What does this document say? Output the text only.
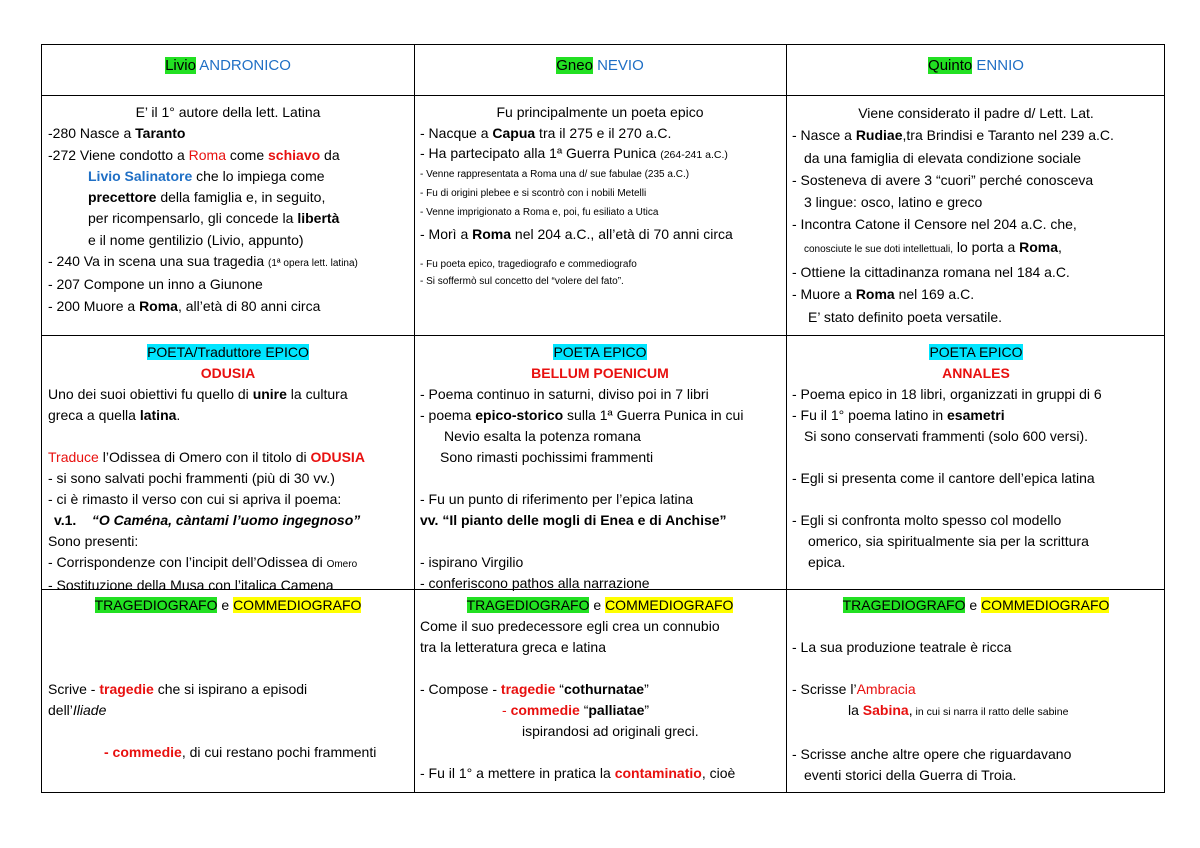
Livio ANDRONICO	Gneo NEVIO	Quinto ENNIO
E’ il 1° autore della lett. Latina
-280 Nasce a Taranto
-272 Viene condotto a Roma come schiavo da
Livio Salinatore che lo impiega come
precettore della famiglia e, in seguito,
per ricompensarlo, gli concede la libertà
e il nome gentilizio (Livio, appunto)
- 240 Va in scena una sua tragedia (1ª opera lett. latina)
- 207 Compone un inno a Giunone
- 200 Muore a Roma, all’età di 80 anni circa
Fu principalmente un poeta epico
- Nacque a Capua tra il 275 e il 270 a.C.
- Ha partecipato alla 1ª Guerra Punica (264-241 a.C.)
- Venne rappresentata a Roma una d/ sue fabulae (235 a.C.)
- Fu di origini plebee e si scontrò con i nobili Metelli
- Venne imprigionato a Roma e, poi, fu esiliato a Utica
- Morì a Roma nel 204 a.C., all’età di 70 anni circa
- Fu poeta epico, tragediografo e commediografo
- Si soffermò sul concetto del “volere del fato”.
Viene considerato il padre d/ Lett. Lat.
- Nasce a Rudiae,tra Brindisi e Taranto nel 239 a.C.
da una famiglia di elevata condizione sociale
- Sosteneva di avere 3 “cuori” perché conosceva
3 lingue: osco, latino e greco
- Incontra Catone il Censore nel 204 a.C. che,
conosciute le sue doti intellettuali, lo porta a Roma,
- Ottiene la cittadinanza romana nel 184 a.C.
- Muore a Roma nel 169 a.C.
E’ stato definito poeta versatile.
POETA/Traduttore EPICO
ODUSIA
Uno dei suoi obiettivi fu quello di unire la cultura
greca a quella latina.
Traduce l’Odissea di Omero con il titolo di ODUSIA
- si sono salvati pochi frammenti (più di 30 vv.)
- ci è rimasto il verso con cui si apriva il poema:
v.1. “O Caména, càntami l’uomo ingegnoso”
Sono presenti:
- Corrispondenze con l’incipit dell’Odissea di Omero
- Sostituzione della Musa con l’italica Camena
POETA EPICO
BELLUM POENICUM
- Poema continuo in saturni, diviso poi in 7 libri
- poema epico-storico sulla 1ª Guerra Punica in cui
Nevio esalta la potenza romana
Sono rimasti pochissimi frammenti
- Fu un punto di riferimento per l’epica latina
vv. “Il pianto delle mogli di Enea e di Anchise”
- ispirano Virgilio
- conferiscono pathos alla narrazione
POETA EPICO
ANNALES
- Poema epico in 18 libri, organizzati in gruppi di 6
- Fu il 1° poema latino in esametri
Si sono conservati frammenti (solo 600 versi).
- Egli si presenta come il cantore dell’epica latina
- Egli si confronta molto spesso col modello
omerico, sia spiritualmente sia per la scrittura
epica.
TRAGEDIOGRAFO e COMMEDIOGRAFO
Scrive - tragedie che si ispirano a episodi
dell’Iliade
- commedie, di cui restano pochi frammenti
TRAGEDIOGRAFO e COMMEDIOGRAFO
Come il suo predecessore egli crea un connubio
tra la letteratura greca e latina
- Compose - tragedie “cothurnatae”
- commedie “palliatae”
ispirandosi ad originali greci.
- Fu il 1° a mettere in pratica la contaminatio, cioè
TRAGEDIOGRAFO e COMMEDIOGRAFO
- La sua produzione teatrale è ricca
- Scrisse l’Ambracia
la Sabina, in cui si narra il ratto delle sabine
- Scrisse anche altre opere che riguardavano
eventi storici della Guerra di Troia.
